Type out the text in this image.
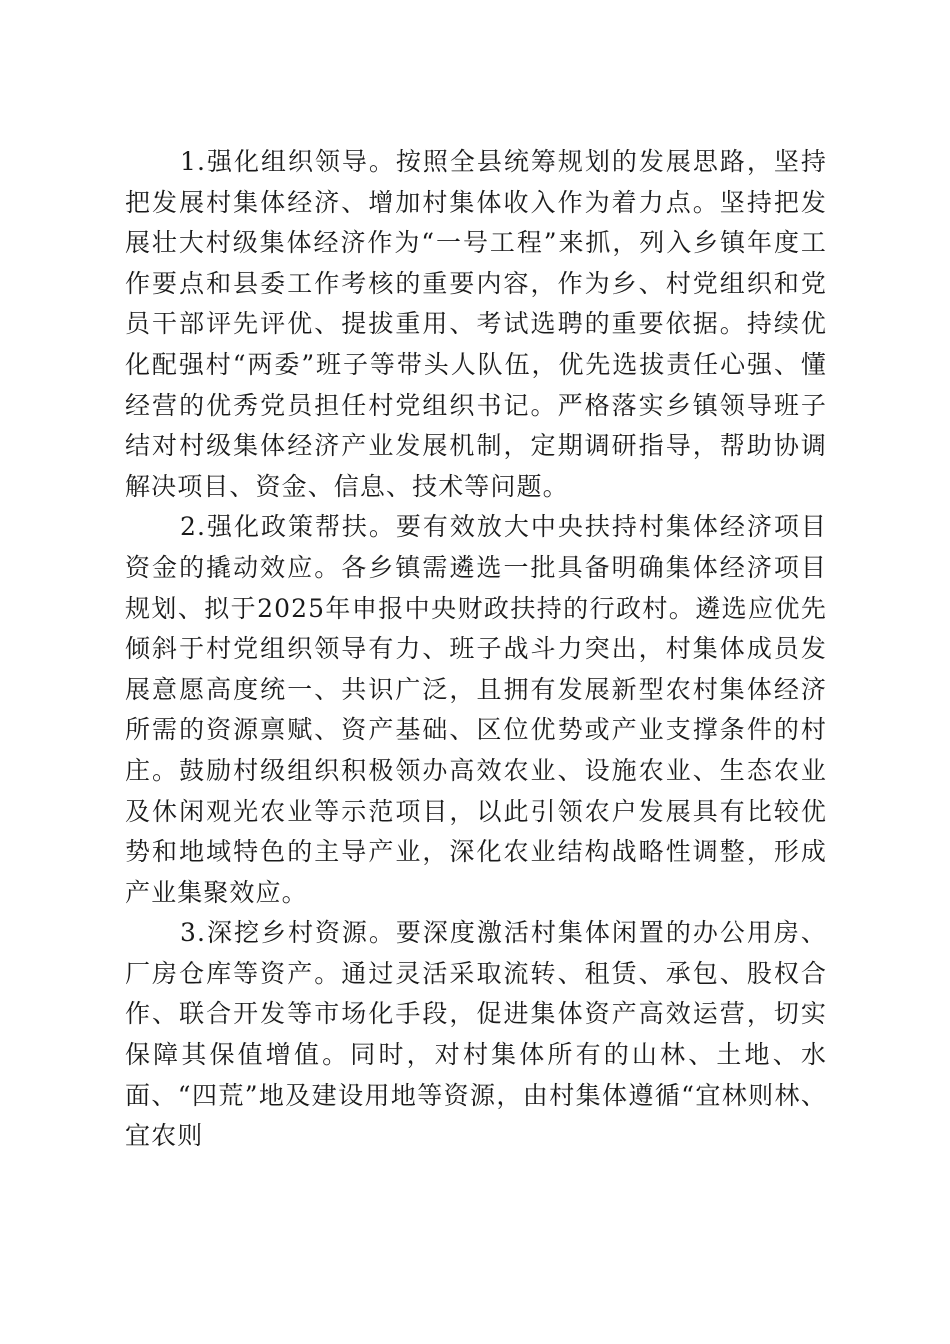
1.强化组织领导。按照全县统筹规划的发展思路，坚持把发展村集体经济、增加村集体收入作为着力点。坚持把发展壮大村级集体经济作为“一号工程”来抓，列入乡镇年度工作要点和县委工作考核的重要内容，作为乡、村党组织和党员干部评先评优、提拔重用、考试选聘的重要依据。持续优化配强村“两委”班子等带头人队伍，优先选拔责任心强、懂经营的优秀党员担任村党组织书记。严格落实乡镇领导班子结对村级集体经济产业发展机制，定期调研指导，帮助协调解决项目、资金、信息、技术等问题。

2.强化政策帮扶。要有效放大中央扶持村集体经济项目资金的撬动效应。各乡镇需遴选一批具备明确集体经济项目规划、拟于2025年申报中央财政扶持的行政村。遴选应优先倾斜于村党组织领导有力、班子战斗力突出，村集体成员发展意愿高度统一、共识广泛，且拥有发展新型农村集体经济所需的资源禀赋、资产基础、区位优势或产业支撑条件的村庄。鼓励村级组织积极领办高效农业、设施农业、生态农业及休闲观光农业等示范项目，以此引领农户发展具有比较优势和地域特色的主导产业，深化农业结构战略性调整，形成产业集聚效应。

3.深挖乡村资源。要深度激活村集体闲置的办公用房、厂房仓库等资产。通过灵活采取流转、租赁、承包、股权合作、联合开发等市场化手段，促进集体资产高效运营，切实保障其保值增值。同时，对村集体所有的山林、土地、水面、“四荒”地及建设用地等资源，由村集体遵循“宜林则林、宜农则
